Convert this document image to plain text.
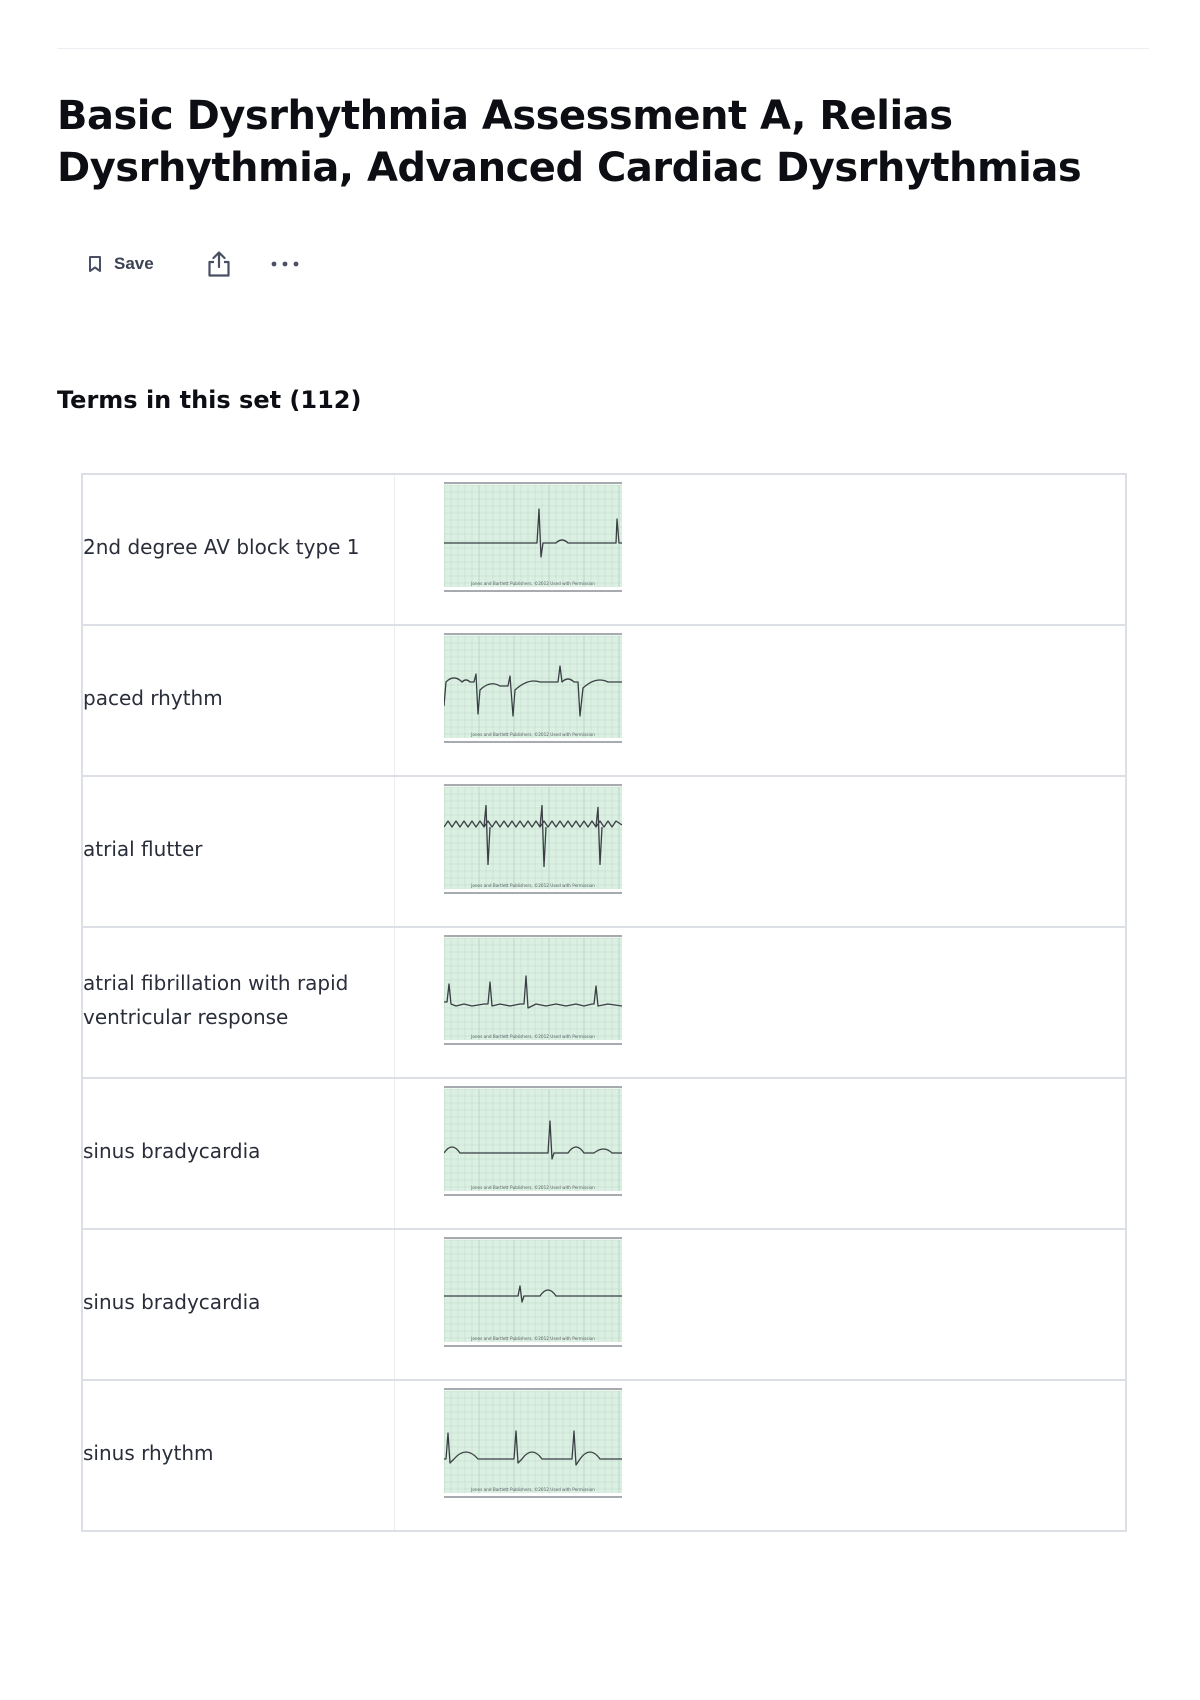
Basic Dysrhythmia Assessment A, Relias Dysrhythmia, Advanced Cardiac Dysrhythmias
Save
Terms in this set (112)
2nd degree AV block type 1
Jones and Bartlett Publishers, ©2012 Used with Permission
paced rhythm
Jones and Bartlett Publishers, ©2012 Used with Permission
atrial flutter
Jones and Bartlett Publishers, ©2012 Used with Permission
atrial fibrillation with rapid ventricular response
Jones and Bartlett Publishers, ©2012 Used with Permission
sinus bradycardia
Jones and Bartlett Publishers, ©2012 Used with Permission
sinus bradycardia
Jones and Bartlett Publishers, ©2012 Used with Permission
sinus rhythm
Jones and Bartlett Publishers, ©2012 Used with Permission
